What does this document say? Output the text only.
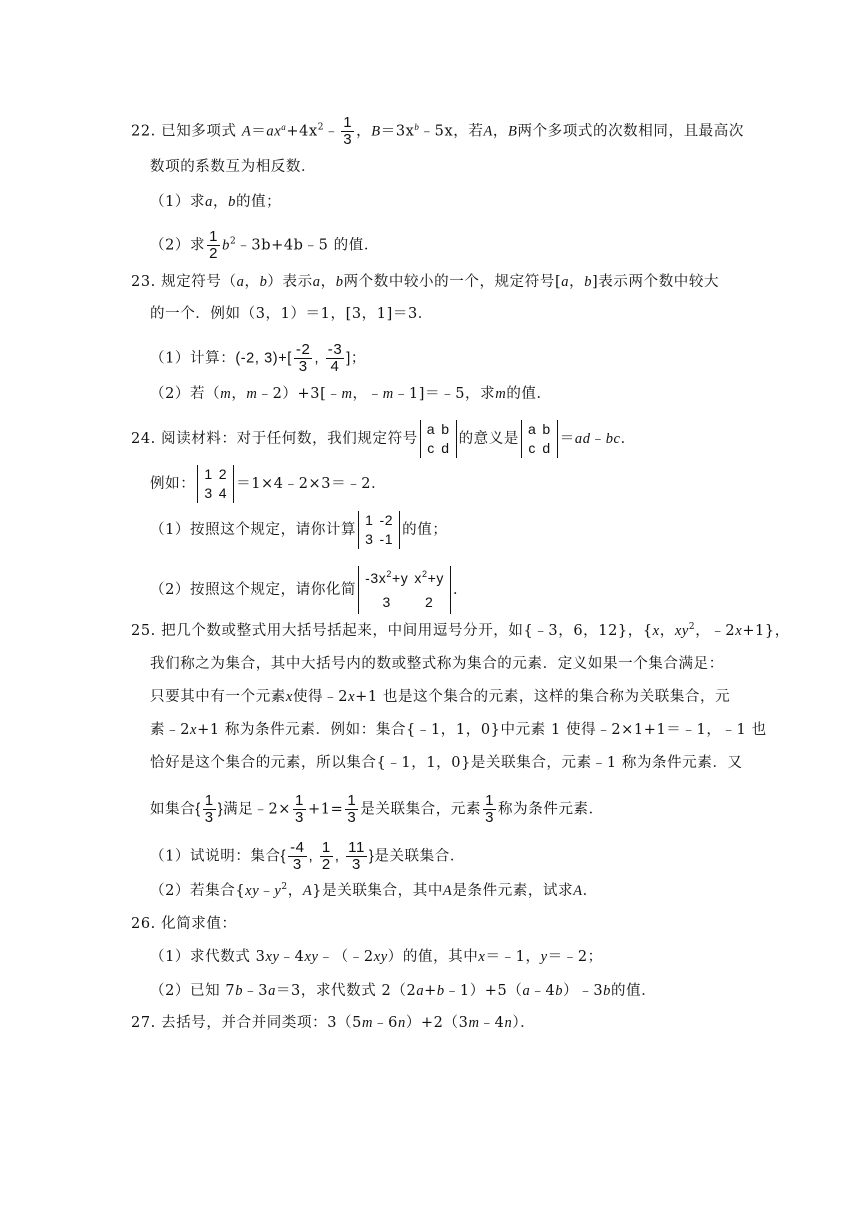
22. 已知多项式 $A=ax^a+4x^2﹣ \frac{1}{3}$ ，$B=3x^b﹣5x$，若A，B两个多项式的次数相同，且最高次
数项的系数互为相反数．
（1）求a，b的值；
（2）求 $\frac{1}{2}$ $b^2﹣3b+4b﹣5$ 的值．
23. 规定符号（a，b）表示a，b两个数中较小的一个，规定符号[a，b]表示两个数中较大
的一个．例如（3，1）＝1，[3，1]＝3．
（1）计算：(-2, $3)+[ \frac{-2}{3}$ , $\frac{-3}{4}$ ]；
（2）若（m，m﹣2）+3[﹣m，﹣m﹣1]＝﹣5，求m的值．
24. 阅读材料：对于任何数，我们规定符号
a	b
c	d
的意义是
a	b
c	d
＝ad﹣bc．
例如：
1	2
3	4
＝1×4﹣2×3＝﹣2．
（1）按照这个规定，请你计算
1	-2
3	-1
的值；
（2）按照这个规定，请你化简
$-3x^2+y$	$x^2+y$
3	2
．
25. 把几个数或整式用大括号括起来，中间用逗号分开，如{﹣3，6，12}，{x，$xy^2$，﹣2x+1}，
我们称之为集合，其中大括号内的数或整式称为集合的元素．定义如果一个集合满足：
只要其中有一个元素x使得﹣2x+1 也是这个集合的元素，这样的集合称为关联集合，元
素﹣2x+1 称为条件元素．例如：集合{﹣1，1，0}中元素 1 使得﹣2×1+1＝﹣1，﹣1 也
恰好是这个集合的元素，所以集合{﹣1，1，0}是关联集合，元素﹣1 称为条件元素．又
如集合{ $\frac{1}{3}$ }满足﹣2× $\frac{1}{3} +1= \frac{1}{3}$ 是关联集合，元素 $\frac{1}{3}$ 称为条件元素．
（1）试说明：集合{ $\frac{-4}{3}$ , $\frac{1}{2}$ , $\frac{11}{3}$ }是关联集合．
（2）若集合{$xy﹣y^2$，A}是关联集合，其中A是条件元素，试求A．
26. 化简求值：
（1）求代数式 3xy﹣4xy﹣（﹣2xy）的值，其中x＝﹣1，y＝﹣2；
（2）已知 7b﹣3a＝3，求代数式 2（2a+b﹣1）+5（a﹣4b）﹣3b的值．
27. 去括号，并合并同类项：3（5m﹣6n）+2（3m﹣4n）．
